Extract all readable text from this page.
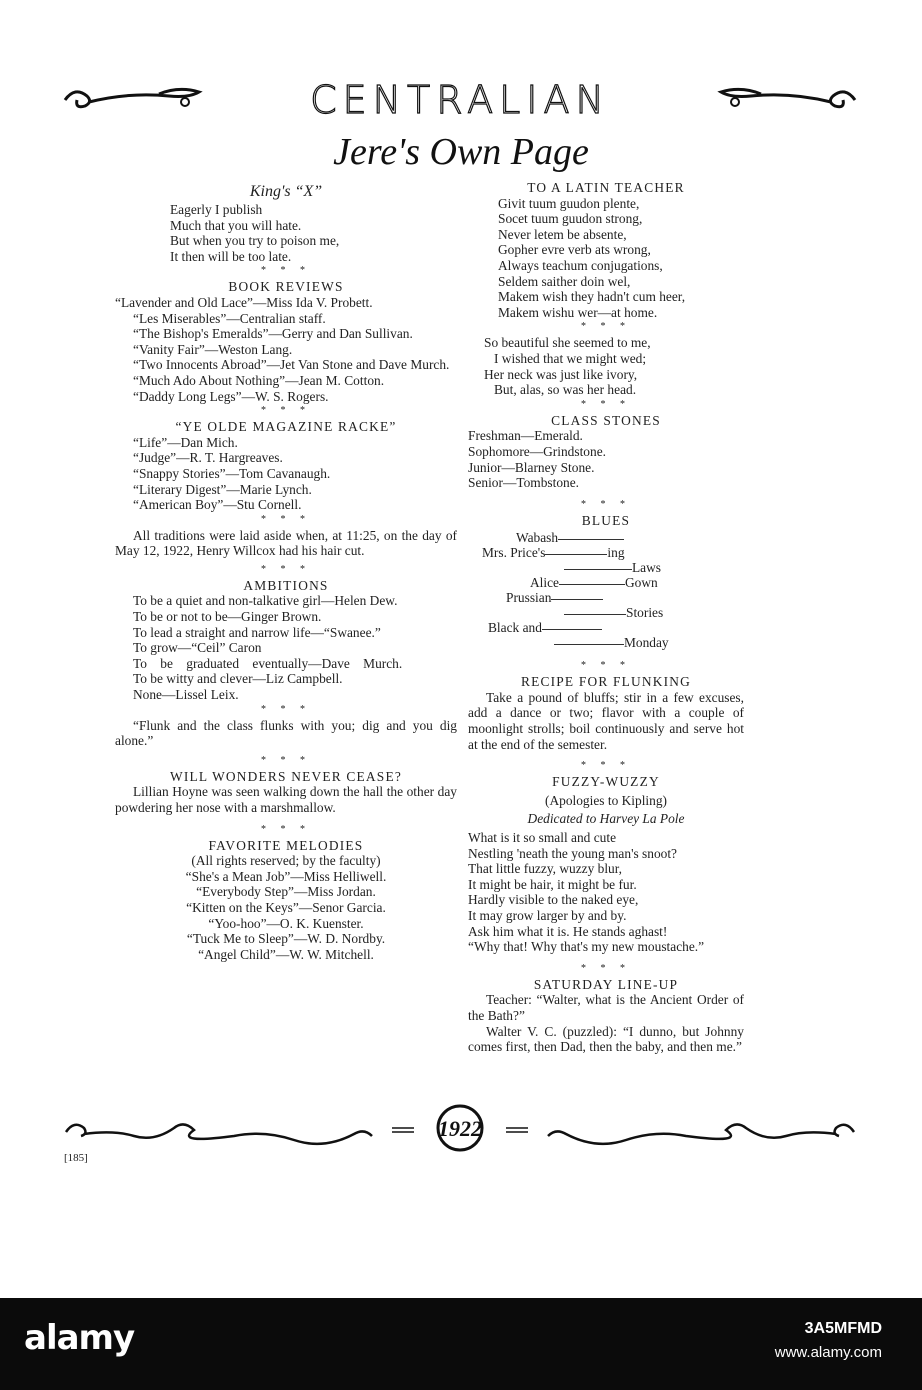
CENTRALIAN
Jere's Own Page
King's “X”
Eagerly I publish
Much that you will hate.
But when you try to poison me,
It then will be too late.
* * *
BOOK REVIEWS
“Lavender and Old Lace”—Miss Ida V. Probett.
“Les Miserables”—Centralian staff.
“The Bishop's Emeralds”—Gerry and Dan Sullivan.
“Vanity Fair”—Weston Lang.
“Two Innocents Abroad”—Jet Van Stone and Dave Murch.
“Much Ado About Nothing”—Jean M. Cotton.
“Daddy Long Legs”—W. S. Rogers.
* * *
“YE OLDE MAGAZINE RACKE”
“Life”—Dan Mich.
“Judge”—R. T. Hargreaves.
“Snappy Stories”—Tom Cavanaugh.
“Literary Digest”—Marie Lynch.
“American Boy”—Stu Cornell.
* * *
All traditions were laid aside when, at 11:25, on the day of May 12, 1922, Henry Willcox had his hair cut.
* * *
AMBITIONS
To be a quiet and non-talkative girl—Helen Dew.
To be or not to be—Ginger Brown.
To lead a straight and narrow life—“Swanee.”
To grow—“Ceil” Caron
To be graduated eventually—Dave Murch.
To be witty and clever—Liz Campbell.
None—Lissel Leix.
* * *
“Flunk and the class flunks with you; dig and you dig alone.”
* * *
WILL WONDERS NEVER CEASE?
Lillian Hoyne was seen walking down the hall the other day powdering her nose with a marshmallow.
* * *
FAVORITE MELODIES
(All rights reserved; by the faculty)
“She's a Mean Job”—Miss Helliwell.
“Everybody Step”—Miss Jordan.
“Kitten on the Keys”—Senor Garcia.
“Yoo-hoo”—O. K. Kuenster.
“Tuck Me to Sleep”—W. D. Nordby.
“Angel Child”—W. W. Mitchell.
TO A LATIN TEACHER
Givit tuum guudon plente,
Socet tuum guudon strong,
Never letem be absente,
Gopher evre verb ats wrong,
Always teachum conjugations,
Seldem saither doin wel,
Makem wish they hadn't cum heer,
Makem wishu wer—at home.
* * *
So beautiful she seemed to me,
I wished that we might wed;
Her neck was just like ivory,
But, alas, so was her head.
* * *
CLASS STONES
Freshman—Emerald.
Sophomore—Grindstone.
Junior—Blarney Stone.
Senior—Tombstone.
* * *
BLUES
Wabash
Mrs. Price's	ing
Laws
Alice	Gown
Prussian
Stories
Black and
Monday
* * *
RECIPE FOR FLUNKING
Take a pound of bluffs; stir in a few excuses, add a dance or two; flavor with a couple of moonlight strolls; boil continuously and serve hot at the end of the semester.
* * *
FUZZY-WUZZY
(Apologies to Kipling)
Dedicated to Harvey La Pole
What is it so small and cute
Nestling 'neath the young man's snoot?
That little fuzzy, wuzzy blur,
It might be hair, it might be fur.
Hardly visible to the naked eye,
It may grow larger by and by.
Ask him what it is. He stands aghast!
“Why that! Why that's my new moustache.”
* * *
SATURDAY LINE-UP
Teacher: “Walter, what is the Ancient Order of the Bath?”
Walter V. C. (puzzled): “I dunno, but Johnny comes first, then Dad, then the baby, and then me.”
1922
[185]
alamy	3A5MFMD
www.alamy.com
